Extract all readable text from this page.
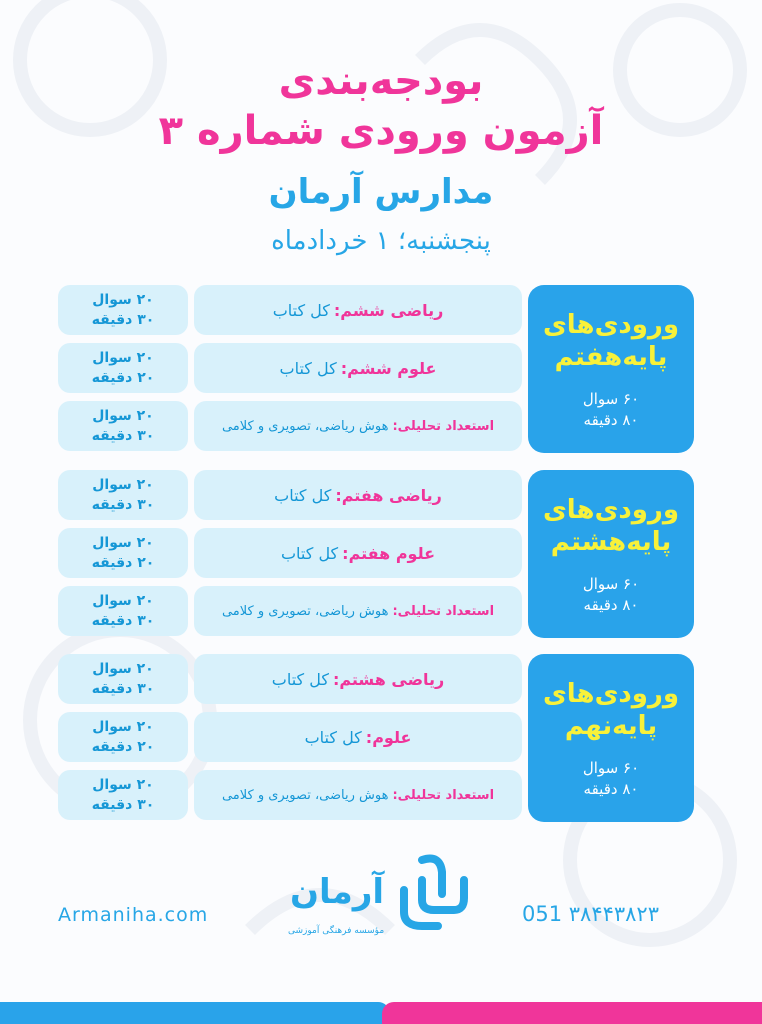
بودجه‌بندی
آزمون ورودی شماره ۳
مدارس آرمان
پنجشنبه؛ ۱ خردادماه
ورودی‌های
پایه‌هفتم
۶۰ سوال
۸۰ دقیقه
ریاضی ششم:
کل کتاب
۲۰ سوال
۳۰ دقیقه
علوم ششم:
کل کتاب
۲۰ سوال
۲۰ دقیقه
استعداد تحلیلی:
هوش ریاضی، تصویری و کلامی
۲۰ سوال
۳۰ دقیقه
ورودی‌های
پایه‌هشتم
۶۰ سوال
۸۰ دقیقه
ریاضی هفتم:
کل کتاب
۲۰ سوال
۳۰ دقیقه
علوم هفتم:
کل کتاب
۲۰ سوال
۲۰ دقیقه
استعداد تحلیلی:
هوش ریاضی، تصویری و کلامی
۲۰ سوال
۳۰ دقیقه
ورودی‌های
پایه‌نهم
۶۰ سوال
۸۰ دقیقه
ریاضی هشتم:
کل کتاب
۲۰ سوال
۳۰ دقیقه
علوم:
کل کتاب
۲۰ سوال
۲۰ دقیقه
استعداد تحلیلی:
هوش ریاضی، تصویری و کلامی
۲۰ سوال
۳۰ دقیقه
Armaniha.com	051 ۳۸۴۴۳۸۲۳
آرمان
مؤسسه فرهنگی آموزشی
